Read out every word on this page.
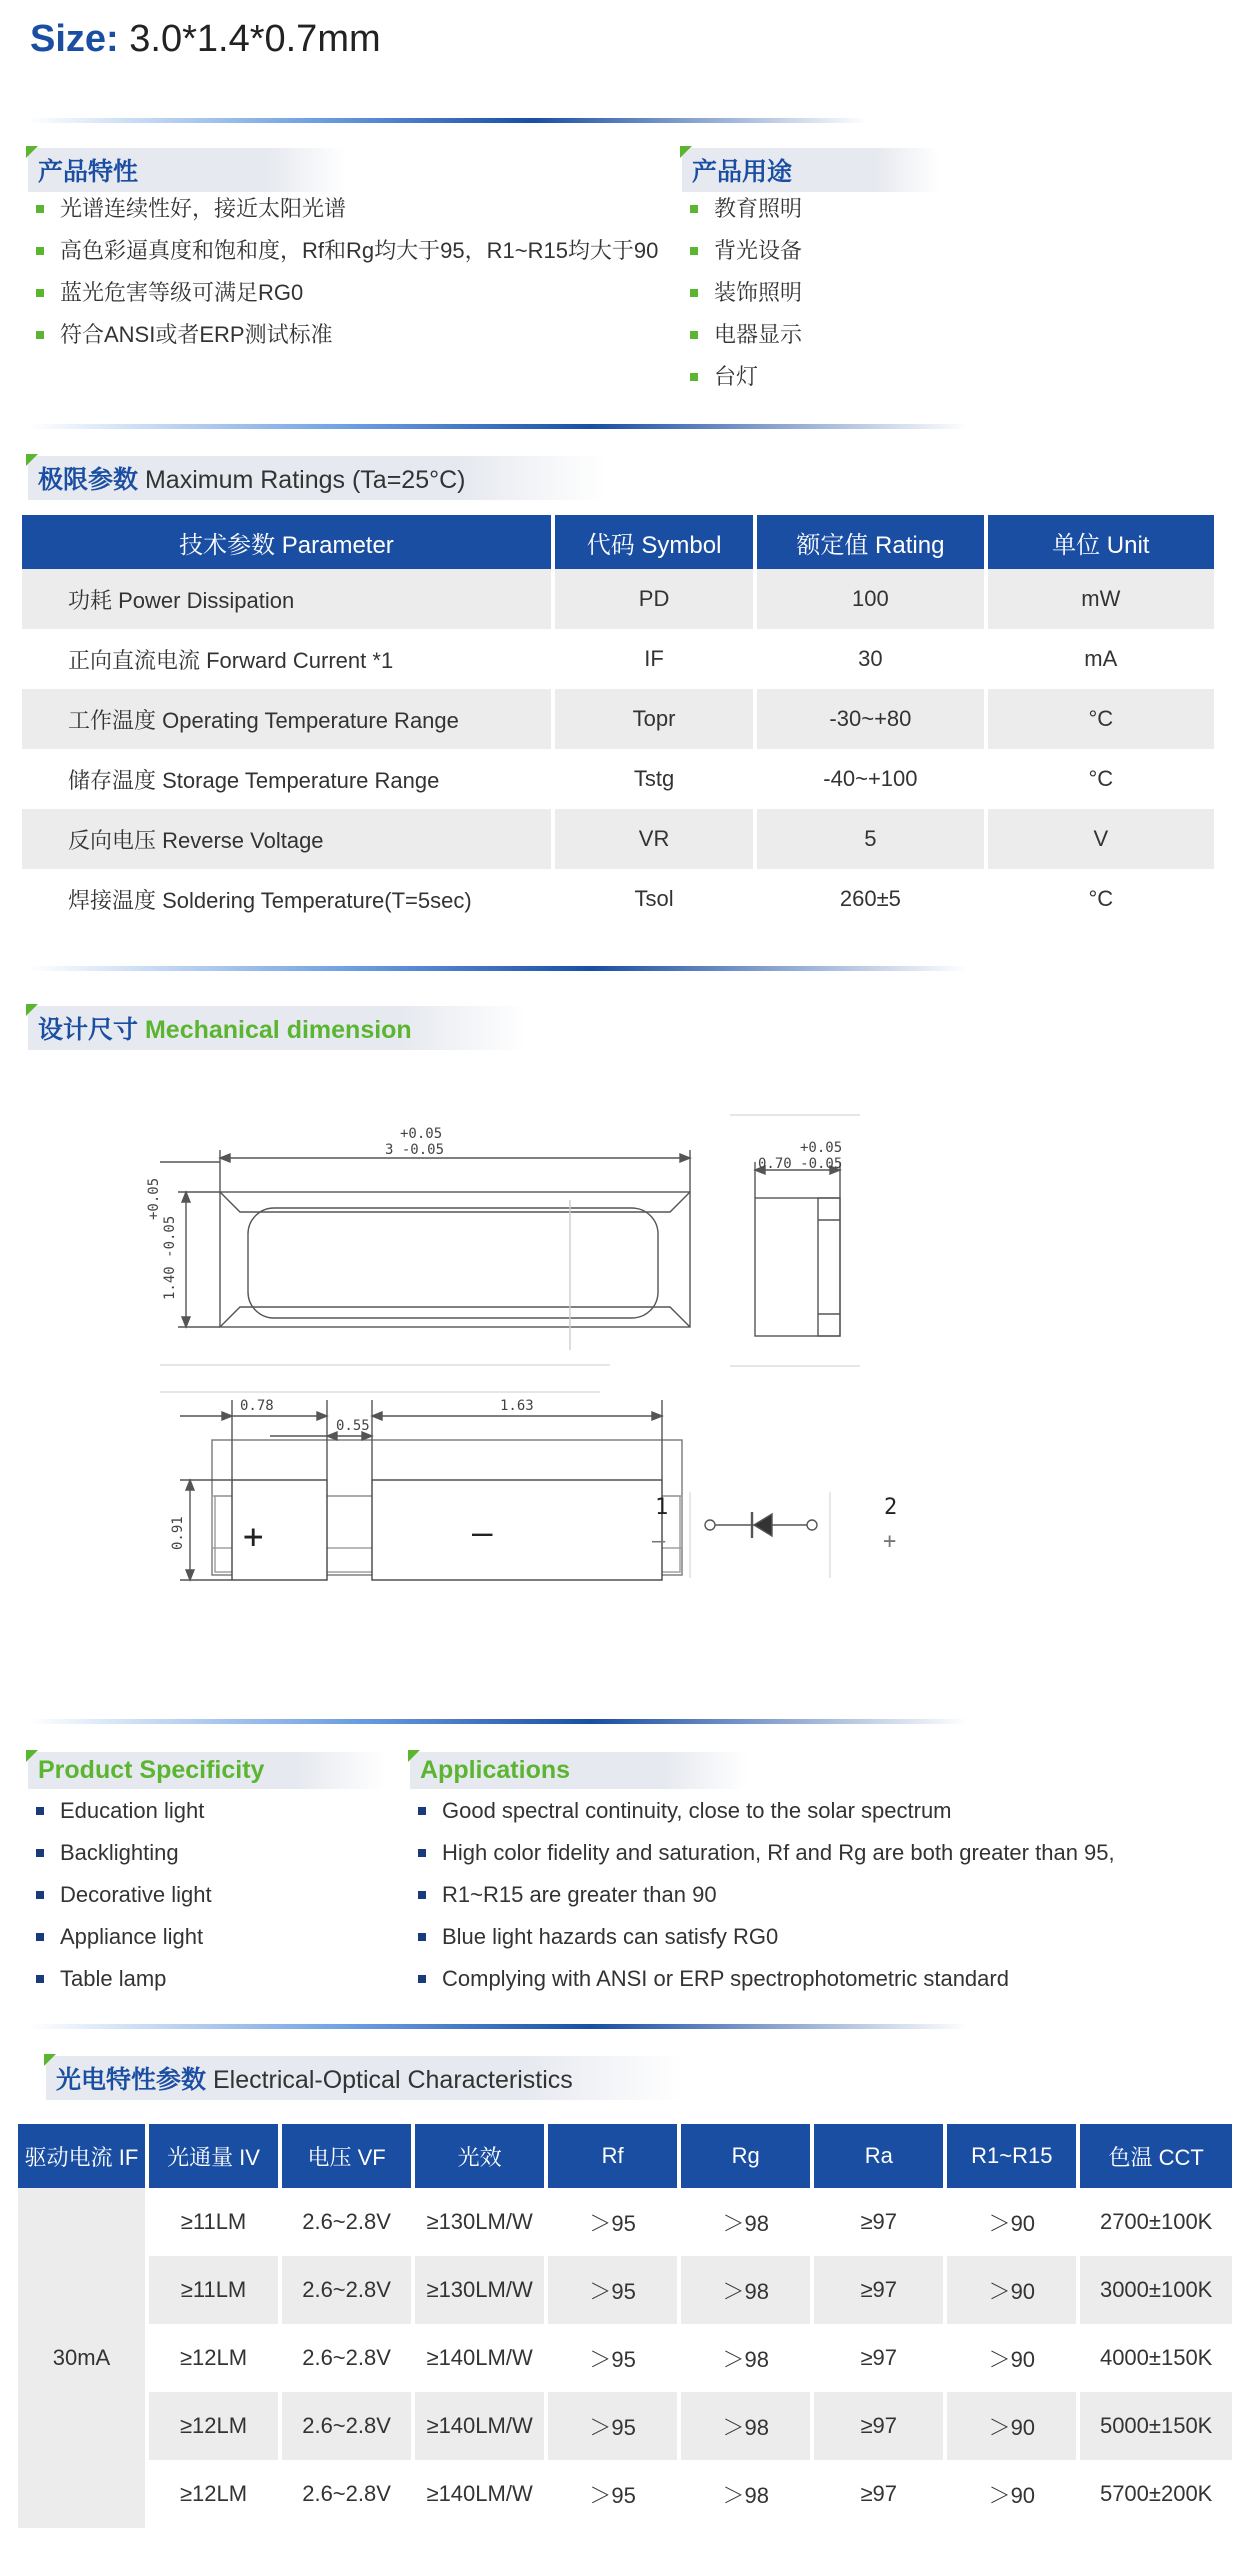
Size: 3.0*1.4*0.7mm
产品特性
光谱连续性好，接近太阳光谱
高色彩逼真度和饱和度，Rf和Rg均大于95，R1~R15均大于90
蓝光危害等级可满足RG0
符合ANSI或者ERP测试标准
产品用途
教育照明
背光设备
装饰照明
电器显示
台灯
极限参数 Maximum Ratings (Ta=25°C)
技术参数 Parameter	代码 Symbol	额定值 Rating	单位 Unit
功耗 Power Dissipation	PD	100	mW
正向直流电流 Forward Current *1	IF	30	mA
工作温度 Operating Temperature Range	Topr	-30~+80	°C
储存温度 Storage Temperature Range	Tstg	-40~+100	°C
反向电压 Reverse Voltage	VR	5	V
焊接温度 Soldering Temperature(T=5sec)	Tsol	260±5	°C
设计尺寸 Mechanical dimension
+0.05
3 -0.05
+0.05
1.40 -0.05
+0.05
0.70 -0.05
0.78
0.55
1.63
0.91 +	—
1
—
2
+
Product Specificity
Education light
Backlighting
Decorative light
Appliance light
Table lamp
Applications
Good spectral continuity, close to the solar spectrum
High color fidelity and saturation, Rf and Rg are both greater than 95,
R1~R15 are greater than 90
Blue light hazards can satisfy RG0
Complying with ANSI or ERP spectrophotometric standard
光电特性参数 Electrical-Optical Characteristics
驱动电流 IF	光通量 IV	电压 VF	光效	Rf	Rg	Ra	R1~R15	色温 CCT
30mA	≥11LM	2.6~2.8V	≥130LM/W	＞95	＞98	≥97	＞90	2700±100K
	≥11LM	2.6~2.8V	≥130LM/W	＞95	＞98	≥97	＞90	3000±100K
	≥12LM	2.6~2.8V	≥140LM/W	＞95	＞98	≥97	＞90	4000±150K
	≥12LM	2.6~2.8V	≥140LM/W	＞95	＞98	≥97	＞90	5000±150K
	≥12LM	2.6~2.8V	≥140LM/W	＞95	＞98	≥97	＞90	5700±200K
